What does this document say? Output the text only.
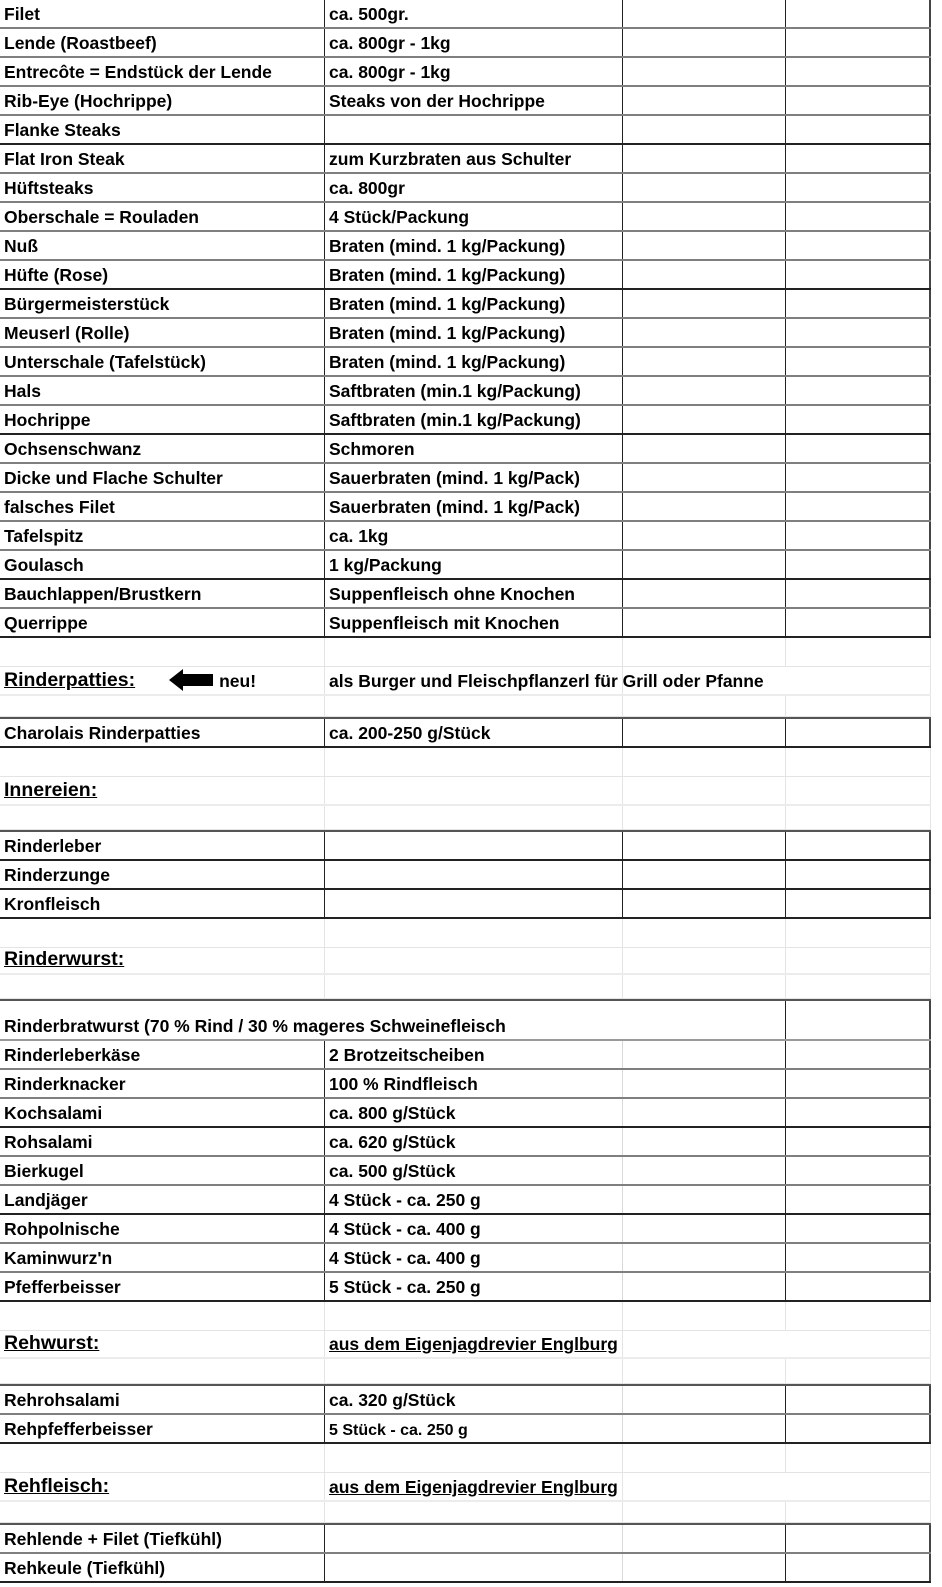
Filet	ca. 500gr.
Lende (Roastbeef)	ca. 800gr - 1kg
Entrecôte = Endstück der Lende	ca. 800gr - 1kg
Rib-Eye (Hochrippe)	Steaks von der Hochrippe
Flanke Steaks
Flat Iron Steak	zum Kurzbraten aus Schulter
Hüftsteaks	ca. 800gr
Oberschale = Rouladen	4 Stück/Packung
Nuß	Braten (mind. 1 kg/Packung)
Hüfte (Rose)	Braten (mind. 1 kg/Packung)
Bürgermeisterstück	Braten (mind. 1 kg/Packung)
Meuserl (Rolle)	Braten (mind. 1 kg/Packung)
Unterschale (Tafelstück)	Braten (mind. 1 kg/Packung)
Hals	Saftbraten (min.1 kg/Packung)
Hochrippe	Saftbraten (min.1 kg/Packung)
Ochsenschwanz	Schmoren
Dicke und Flache Schulter	Sauerbraten (mind. 1 kg/Pack)
falsches Filet	Sauerbraten (mind. 1 kg/Pack)
Tafelspitz	ca. 1kg
Goulasch	1 kg/Packung
Bauchlappen/Brustkern	Suppenfleisch ohne Knochen
Querrippe	Suppenfleisch mit Knochen
Rinderpatties:	neu!	als Burger und Fleischpflanzerl für Grill oder Pfanne
Charolais Rinderpatties	ca. 200-250 g/Stück
Innereien:
Rinderleber
Rinderzunge
Kronfleisch
Rinderwurst:
Rinderbratwurst (70 % Rind / 30 % mageres Schweinefleisch
Rinderleberkäse	2 Brotzeitscheiben
Rinderknacker	100 % Rindfleisch
Kochsalami	ca. 800 g/Stück
Rohsalami	ca. 620 g/Stück
Bierkugel	ca. 500 g/Stück
Landjäger	4 Stück - ca. 250 g
Rohpolnische	4 Stück - ca. 400 g
Kaminwurz'n	4 Stück - ca. 400 g
Pfefferbeisser	5 Stück - ca. 250 g
Rehwurst:	aus dem Eigenjagdrevier Englburg
Rehrohsalami	ca. 320 g/Stück
Rehpfefferbeisser	5 Stück - ca. 250 g
Rehfleisch:	aus dem Eigenjagdrevier Englburg
Rehlende + Filet (Tiefkühl)
Rehkeule (Tiefkühl)
